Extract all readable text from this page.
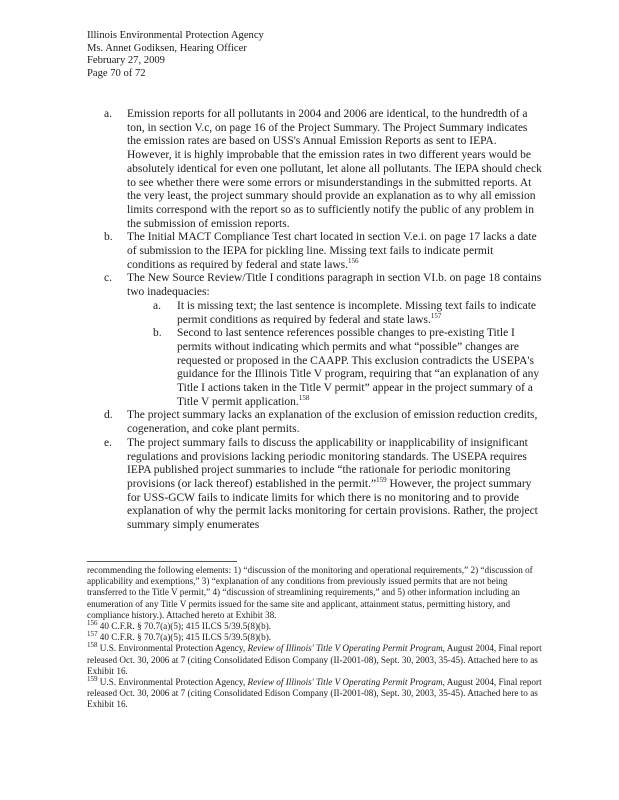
Illinois Environmental Protection Agency
Ms. Annet Godiksen, Hearing Officer
February 27, 2009
Page 70 of 72
a.	Emission reports for all pollutants in 2004 and 2006 are identical, to the hundredth of a ton, in section V.c, on page 16 of the Project Summary. The Project Summary indicates the emission rates are based on USS's Annual Emission Reports as sent to IEPA. However, it is highly improbable that the emission rates in two different years would be absolutely identical for even one pollutant, let alone all pollutants. The IEPA should check to see whether there were some errors or misunderstandings in the submitted reports. At the very least, the project summary should provide an explanation as to why all emission limits correspond with the report so as to sufficiently notify the public of any problem in the submission of emission reports.
b.	The Initial MACT Compliance Test chart located in section V.e.i. on page 17 lacks a date of submission to the IEPA for pickling line. Missing text fails to indicate permit conditions as required by federal and state laws.$^{156}$
c.	The New Source Review/Title I conditions paragraph in section VI.b. on page 18 contains two inadequacies:
a.	It is missing text; the last sentence is incomplete. Missing text fails to indicate permit conditions as required by federal and state laws.$^{157}$
b.	Second to last sentence references possible changes to pre-existing Title I permits without indicating which permits and what “possible” changes are requested or proposed in the CAAPP. This exclusion contradicts the USEPA's guidance for the Illinois Title V program, requiring that “an explanation of any Title I actions taken in the Title V permit” appear in the project summary of a Title V permit application.$^{158}$
d.	The project summary lacks an explanation of the exclusion of emission reduction credits, cogeneration, and coke plant permits.
e.	The project summary fails to discuss the applicability or inapplicability of insignificant regulations and provisions lacking periodic monitoring standards. The USEPA requires IEPA published project summaries to include “the rationale for periodic monitoring provisions (or lack thereof) established in the permit.”$^{159}$ However, the project summary for USS-GCW fails to indicate limits for which there is no monitoring and to provide explanation of why the permit lacks monitoring for certain provisions. Rather, the project summary simply enumerates

recommending the following elements: 1) “discussion of the monitoring and operational requirements,” 2) “discussion of applicability and exemptions,” 3) “explanation of any conditions from previously issued permits that are not being transferred to the Title V permit,” 4) “discussion of streamlining requirements,” and 5) other information including an enumeration of any Title V permits issued for the same site and applicant, attainment status, permitting history, and compliance history.). Attached hereto at Exhibit 38.

$^{156}$ 40 C.F.R. § 70.7(a)(5); 415 ILCS 5/39.5(8)(b).

$^{157}$ 40 C.F.R. § 70.7(a)(5); 415 ILCS 5/39.5(8)(b).

$^{158}$ U.S. Environmental Protection Agency, Review of Illinois' Title V Operating Permit Program, August 2004, Final report released Oct. 30, 2006 at 7 (citing Consolidated Edison Company (II-2001-08), Sept. 30, 2003, 35-45). Attached here to as Exhibit 16.

$^{159}$ U.S. Environmental Protection Agency, Review of Illinois' Title V Operating Permit Program, August 2004, Final report released Oct. 30, 2006 at 7 (citing Consolidated Edison Company (II-2001-08), Sept. 30, 2003, 35-45). Attached here to as Exhibit 16.
